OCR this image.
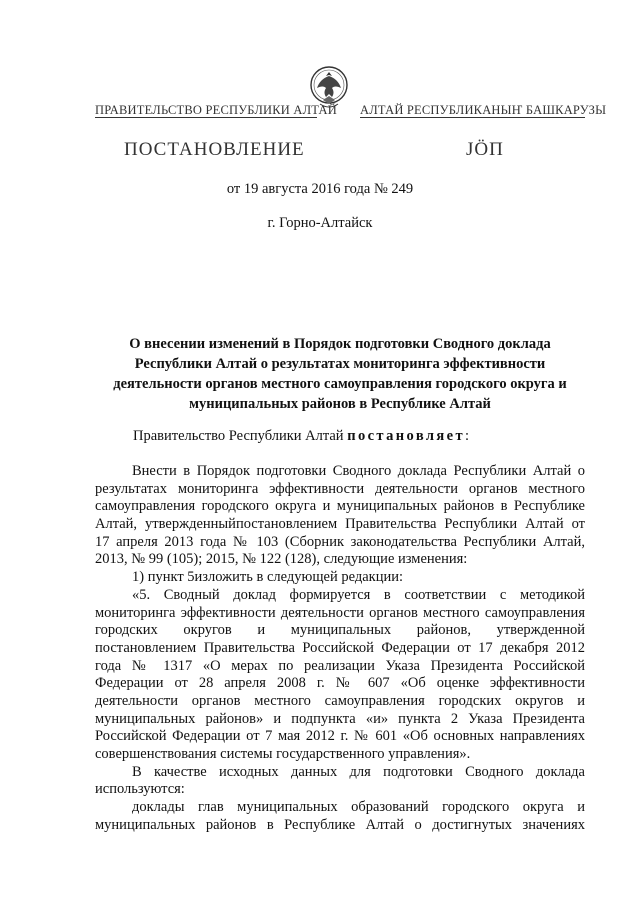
ПРАВИТЕЛЬСТВО РЕСПУБЛИКИ АЛТАЙ АЛТАЙ РЕСПУБЛИКАНЫҤ БАШКАРУЗЫ
ПОСТАНОВЛЕНИЕ	JӦП
от 19 августа 2016 года № 249
г. Горно-Алтайск
О внесении изменений в Порядок подготовки Сводного доклада
Республики Алтай о результатах мониторинга эффективности
деятельности органов местного самоуправления городского округа и
муниципальных районов в Республике Алтай
Правительство Республики Алтай постановляет:
Внести в Порядок подготовки Сводного доклада Республики Алтай о
результатах мониторинга эффективности деятельности органов местного
самоуправления городского округа и муниципальных районов в Республике
Алтай, утвержденныйпостановлением Правительства Республики Алтай от
17 апреля 2013 года № 103 (Сборник законодательства Республики Алтай,
2013, № 99 (105); 2015, № 122 (128), следующие изменения:
1) пункт 5изложить в следующей редакции:
«5. Сводный доклад формируется в соответствии с методикой
мониторинга эффективности деятельности органов местного самоуправления
городских округов и муниципальных районов, утвержденной
постановлением Правительства Российской Федерации от 17 декабря 2012
года № 1317 «О мерах по реализации Указа Президента Российской
Федерации от 28 апреля 2008 г. № 607 «Об оценке эффективности
деятельности органов местного самоуправления городских округов и
муниципальных районов» и подпункта «и» пункта 2 Указа Президента
Российской Федерации от 7 мая 2012 г. № 601 «Об основных направлениях
совершенствования системы государственного управления».
В качестве исходных данных для подготовки Сводного доклада
используются:
доклады глав муниципальных образований городского округа и
муниципальных районов в Республике Алтай о достигнутых значениях
